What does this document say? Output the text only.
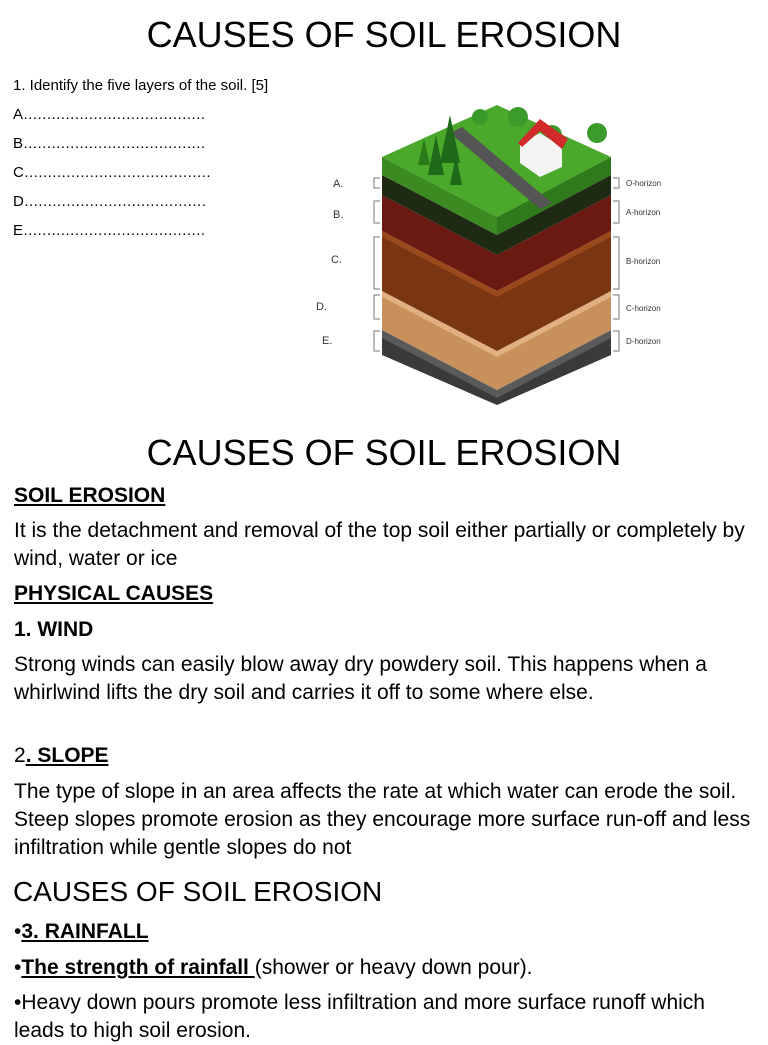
CAUSES OF SOIL EROSION
1. Identify the five layers of the soil. [5]
A.......................................
B.......................................
C........................................
D.......................................
E.......................................
A.
B.
C.
D.
E.
O-horizon
A-horizon
B-horizon
C-horizon
D-horizon
CAUSES OF SOIL EROSION
SOIL EROSION
It is the detachment and removal of the top soil either partially or completely by wind, water or ice
PHYSICAL CAUSES
1. WIND
Strong winds can easily blow away dry powdery soil. This happens when a whirlwind lifts the dry soil and carries it off to some where else.
2. SLOPE
The type of slope in an area affects the rate at which water can erode the soil. Steep slopes promote erosion as they encourage more surface run-off and less infiltration while gentle slopes do not
CAUSES OF SOIL EROSION
•3. RAINFALL
•The strength of rainfall (shower or heavy down pour).
•Heavy down pours promote less infiltration and more surface runoff which leads to high soil erosion.
